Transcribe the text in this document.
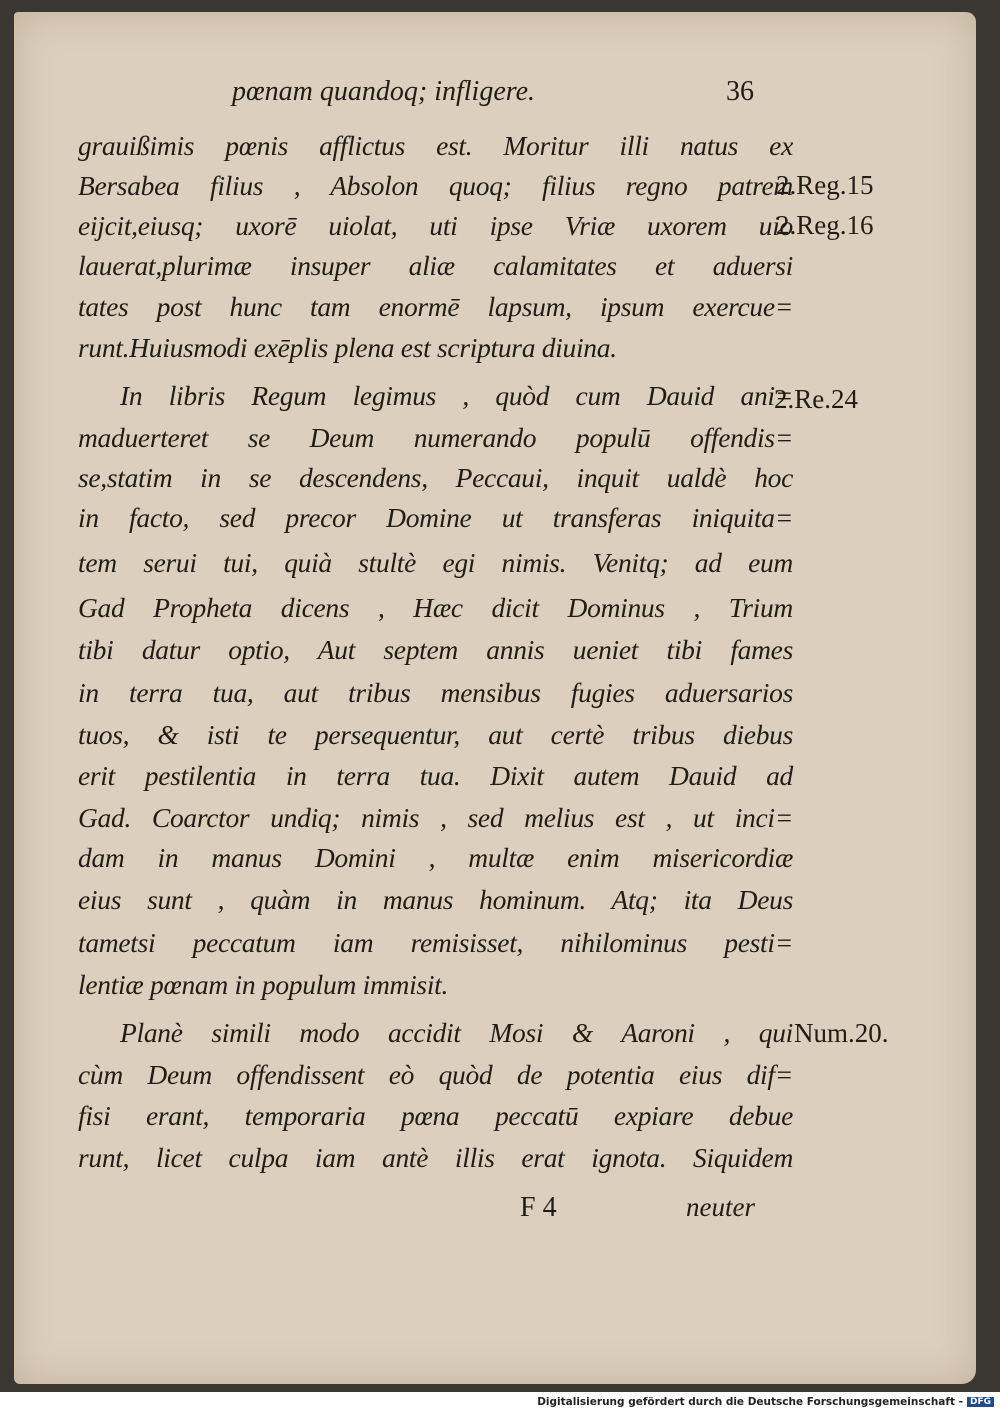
pœnam quandoq; infligere.	36
grauißimis pœnis afflictus est. Moritur illi natus ex
Bersabea filius , Absolon quoq; filius regno patrem
eijcit,eiusq; uxorē uiolat, uti ipse Vriæ uxorem uio
lauerat,plurimæ insuper aliæ calamitates et aduersi
tates post hunc tam enormē lapsum, ipsum exercue=
runt.Huiusmodi exēplis plena est scriptura diuina.
In libris Regum legimus , quòd cum Dauid ani=
maduerteret se Deum numerando populū offendis=
se,statim in se descendens, Peccaui, inquit ualdè hoc
in facto, sed precor Domine ut transferas iniquita=
tem serui tui, quià stultè egi nimis. Venitq; ad eum
Gad Propheta dicens , Hæc dicit Dominus , Trium
tibi datur optio, Aut septem annis ueniet tibi fames
in terra tua, aut tribus mensibus fugies aduersarios
tuos, & isti te persequentur, aut certè tribus diebus
erit pestilentia in terra tua. Dixit autem Dauid ad
Gad. Coarctor undiq; nimis , sed melius est , ut inci=
dam in manus Domini , multæ enim misericordiæ
eius sunt , quàm in manus hominum. Atq; ita Deus
tametsi peccatum iam remisisset, nihilominus pesti=
lentiæ pœnam in populum immisit.
Planè simili modo accidit Mosi & Aaroni , qui
cùm Deum offendissent eò quòd de potentia eius dif=
fisi erant, temporaria pœna peccatū expiare debue
runt, licet culpa iam antè illis erat ignota. Siquidem
2.Reg.15
2.Reg.16
2.Re.24
Num.20.
F 4	neuter
Digitalisierung gefördert durch die Deutsche Forschungsgemeinschaft - DFG
